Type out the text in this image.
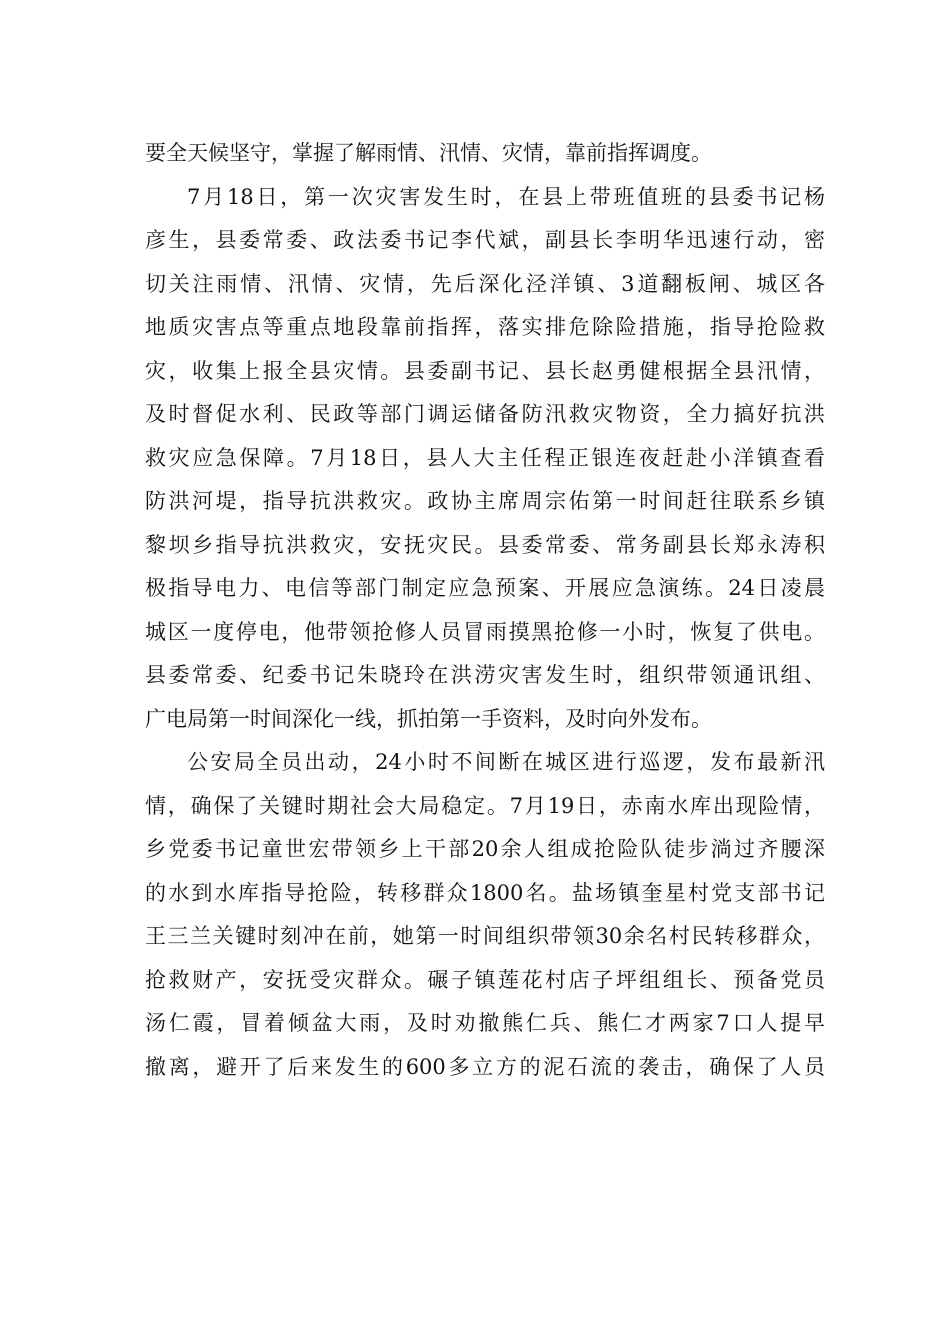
要全天候坚守，掌握了解雨情、汛情、灾情，靠前指挥调度。
7月18日，第一次灾害发生时，在县上带班值班的县委书记杨
彦生，县委常委、政法委书记李代斌，副县长李明华迅速行动，密
切关注雨情、汛情、灾情，先后深化泾洋镇、3道翻板闸、城区各
地质灾害点等重点地段靠前指挥，落实排危除险措施，指导抢险救
灾，收集上报全县灾情。县委副书记、县长赵勇健根据全县汛情，
及时督促水利、民政等部门调运储备防汛救灾物资，全力搞好抗洪
救灾应急保障。7月18日，县人大主任程正银连夜赶赴小洋镇查看
防洪河堤，指导抗洪救灾。政协主席周宗佑第一时间赶往联系乡镇
黎坝乡指导抗洪救灾，安抚灾民。县委常委、常务副县长郑永涛积
极指导电力、电信等部门制定应急预案、开展应急演练。24日凌晨
城区一度停电，他带领抢修人员冒雨摸黑抢修一小时，恢复了供电。
县委常委、纪委书记朱晓玲在洪涝灾害发生时，组织带领通讯组、
广电局第一时间深化一线，抓拍第一手资料，及时向外发布。
公安局全员出动，24小时不间断在城区进行巡逻，发布最新汛
情，确保了关键时期社会大局稳定。7月19日，赤南水库出现险情，
乡党委书记童世宏带领乡上干部20余人组成抢险队徒步淌过齐腰深
的水到水库指导抢险，转移群众1800名。盐场镇奎星村党支部书记
王三兰关键时刻冲在前，她第一时间组织带领30余名村民转移群众，
抢救财产，安抚受灾群众。碾子镇莲花村店子坪组组长、预备党员
汤仁霞，冒着倾盆大雨，及时劝撤熊仁兵、熊仁才两家7口人提早
撤离，避开了后来发生的600多立方的泥石流的袭击，确保了人员
